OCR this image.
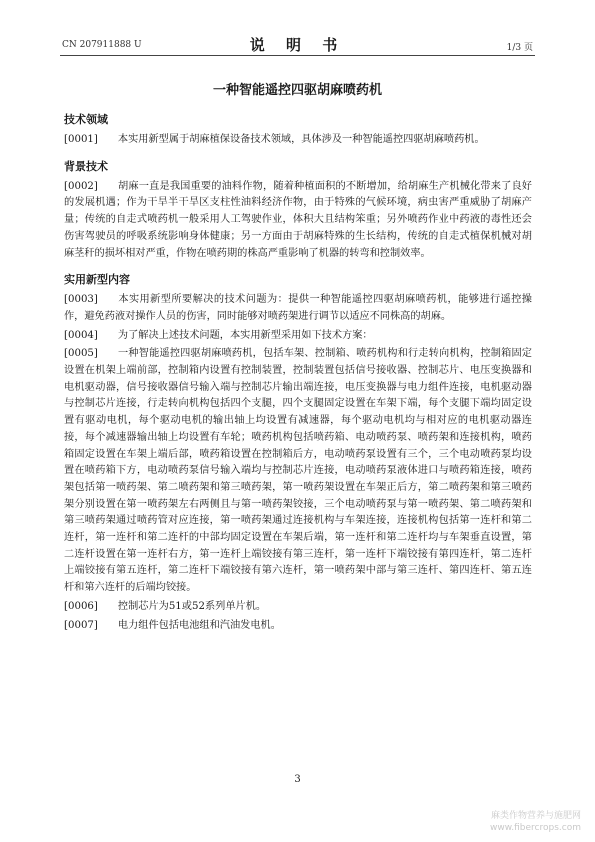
CN 207911888 U	说 明 书	1/3 页
一种智能遥控四驱胡麻喷药机
技术领域

[0001] 本实用新型属于胡麻植保设备技术领域，具体涉及一种智能遥控四驱胡麻喷药机。

背景技术

[0002] 胡麻一直是我国重要的油料作物，随着种植面积的不断增加，给胡麻生产机械化带来了良好的发展机遇；作为干旱半干旱区支柱性油料经济作物，由于特殊的气候环境，病虫害严重威胁了胡麻产量；传统的自走式喷药机一般采用人工驾驶作业，体积大且结构笨重；另外喷药作业中药液的毒性还会伤害驾驶员的呼吸系统影响身体健康；另一方面由于胡麻特殊的生长结构，传统的自走式植保机械对胡麻茎秆的损坏相对严重，作物在喷药期的株高严重影响了机器的转弯和控制效率。

实用新型内容

[0003] 本实用新型所要解决的技术问题为：提供一种智能遥控四驱胡麻喷药机，能够进行遥控操作，避免药液对操作人员的伤害，同时能够对喷药架进行调节以适应不同株高的胡麻。

[0004] 为了解决上述技术问题，本实用新型采用如下技术方案：

[0005] 一种智能遥控四驱胡麻喷药机，包括车架、控制箱、喷药机构和行走转向机构，控制箱固定设置在机架上端前部，控制箱内设置有控制装置，控制装置包括信号接收器、控制芯片、电压变换器和电机驱动器，信号接收器信号输入端与控制芯片输出端连接，电压变换器与电力组件连接，电机驱动器与控制芯片连接，行走转向机构包括四个支腿，四个支腿固定设置在车架下端，每个支腿下端均固定设置有驱动电机，每个驱动电机的输出轴上均设置有减速器，每个驱动电机均与相对应的电机驱动器连接，每个减速器输出轴上均设置有车轮；喷药机构包括喷药箱、电动喷药泵、喷药架和连接机构，喷药箱固定设置在车架上端后部，喷药箱设置在控制箱后方，电动喷药泵设置有三个，三个电动喷药泵均设置在喷药箱下方，电动喷药泵信号输入端均与控制芯片连接，电动喷药泵液体进口与喷药箱连接，喷药架包括第一喷药架、第二喷药架和第三喷药架，第一喷药架设置在车架正后方，第二喷药架和第三喷药架分别设置在第一喷药架左右两侧且与第一喷药架铰接，三个电动喷药泵与第一喷药架、第二喷药架和第三喷药架通过喷药管对应连接，第一喷药架通过连接机构与车架连接，连接机构包括第一连杆和第二连杆，第一连杆和第二连杆的中部均固定设置在车架后端，第一连杆和第二连杆均与车架垂直设置，第二连杆设置在第一连杆右方，第一连杆上端铰接有第三连杆，第一连杆下端铰接有第四连杆，第二连杆上端铰接有第五连杆，第二连杆下端铰接有第六连杆，第一喷药架中部与第三连杆、第四连杆、第五连杆和第六连杆的后端均铰接。

[0006] 控制芯片为51或52系列单片机。

[0007] 电力组件包括电池组和汽油发电机。

3
麻类作物营养与施肥网
www.fibercrops.com
